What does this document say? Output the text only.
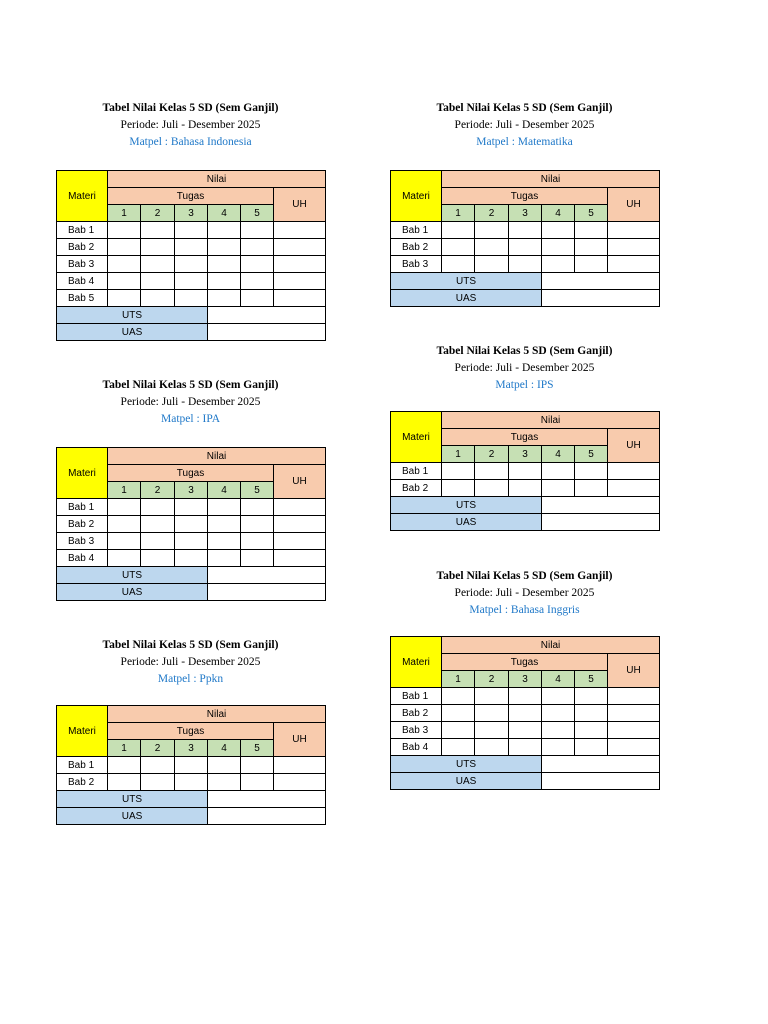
Tabel Nilai Kelas 5 SD (Sem Ganjil)
Periode: Juli - Desember 2025
Matpel : Bahasa Indonesia
Materi	Nilai					
	Tugas					UH
	1	2	3	4	5	
Bab 1						
Bab 2						
Bab 3						
Bab 4						
Bab 5						
UTS						
UAS						
Tabel Nilai Kelas 5 SD (Sem Ganjil)
Periode: Juli - Desember 2025
Matpel : Matematika
Materi	Nilai					
	Tugas					UH
	1	2	3	4	5	
Bab 1						
Bab 2						
Bab 3						
UTS						
UAS						
Tabel Nilai Kelas 5 SD (Sem Ganjil)
Periode: Juli - Desember 2025
Matpel : IPS
Materi	Nilai					
	Tugas					UH
	1	2	3	4	5	
Bab 1						
Bab 2						
UTS						
UAS						
Tabel Nilai Kelas 5 SD (Sem Ganjil)
Periode: Juli - Desember 2025
Matpel : IPA
Materi	Nilai					
	Tugas					UH
	1	2	3	4	5	
Bab 1						
Bab 2						
Bab 3						
Bab 4						
UTS						
UAS						
Tabel Nilai Kelas 5 SD (Sem Ganjil)
Periode: Juli - Desember 2025
Matpel : Bahasa Inggris
Materi	Nilai					
	Tugas					UH
	1	2	3	4	5	
Bab 1						
Bab 2						
Bab 3						
Bab 4						
UTS						
UAS						
Tabel Nilai Kelas 5 SD (Sem Ganjil)
Periode: Juli - Desember 2025
Matpel : Ppkn
Materi	Nilai					
	Tugas					UH
	1	2	3	4	5	
Bab 1						
Bab 2						
UTS						
UAS						
